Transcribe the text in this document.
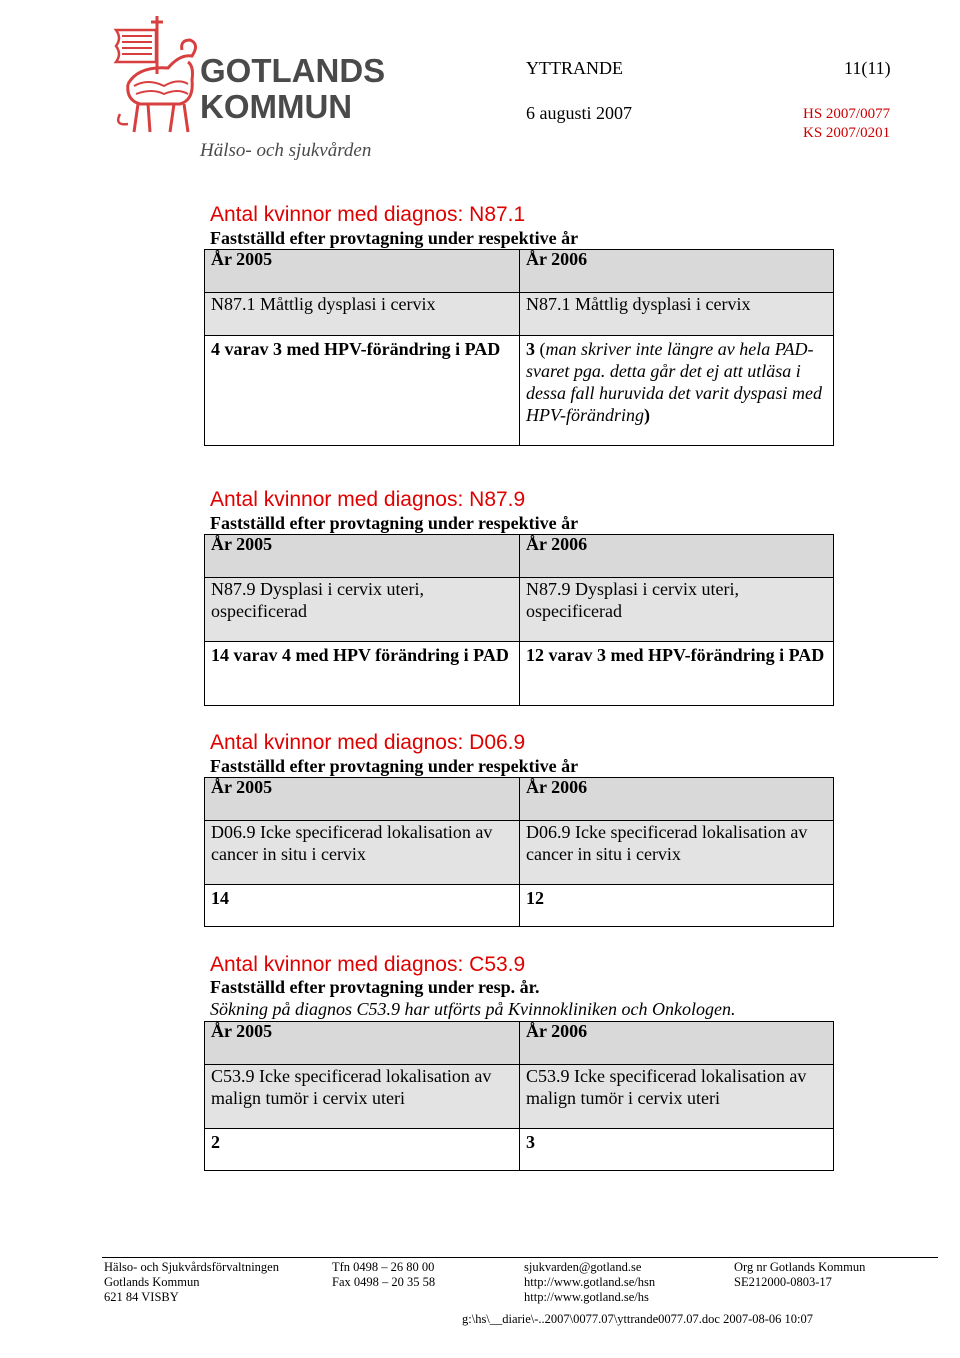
GOTLANDS
KOMMUN
Hälso- och sjukvården
YTTRANDE	11(11)
6 augusti 2007	HS 2007/0077
KS 2007/0201
Antal kvinnor med diagnos: N87.1
Fastställd efter provtagning under respektive år
År 2005	År 2006

N87.1 Måttlig dysplasi i cervix	N87.1 Måttlig dysplasi i cervix

4 varav 3 med HPV-förändring i PAD	3 (man skriver inte längre av hela PAD-svaret pga. detta går det ej att utläsa i dessa fall huruvida det varit dyspasi med HPV-förändring)
Antal kvinnor med diagnos: N87.9
Fastställd efter provtagning under respektive år
År 2005	År 2006
N87.9 Dysplasi i cervix uteri, ospecificerad	N87.9 Dysplasi i cervix uteri, ospecificerad
14 varav 4 med HPV förändring i PAD	12 varav 3 med HPV-förändring i PAD
Antal kvinnor med diagnos: D06.9
Fastställd efter provtagning under respektive år
År 2005	År 2006
D06.9 Icke specificerad lokalisation av cancer in situ i cervix	D06.9 Icke specificerad lokalisation av cancer in situ i cervix
14	12
Antal kvinnor med diagnos: C53.9
Fastställd efter provtagning under resp. år.
Sökning på diagnos C53.9 har utförts på Kvinnokliniken och Onkologen.
År 2005	År 2006
C53.9 Icke specificerad lokalisation av malign tumör i cervix uteri	C53.9 Icke specificerad lokalisation av malign tumör i cervix uteri
2	3
Hälso- och Sjukvårdsförvaltningen
Gotlands Kommun
621 84 VISBY
Tfn 0498 – 26 80 00
Fax 0498 – 20 35 58
sjukvarden@gotland.se
http://www.gotland.se/hsn
http://www.gotland.se/hs
Org nr Gotlands Kommun
SE212000-0803-17
g:\hs\__diarie\-..2007\0077.07\yttrande0077.07.doc 2007-08-06 10:07
